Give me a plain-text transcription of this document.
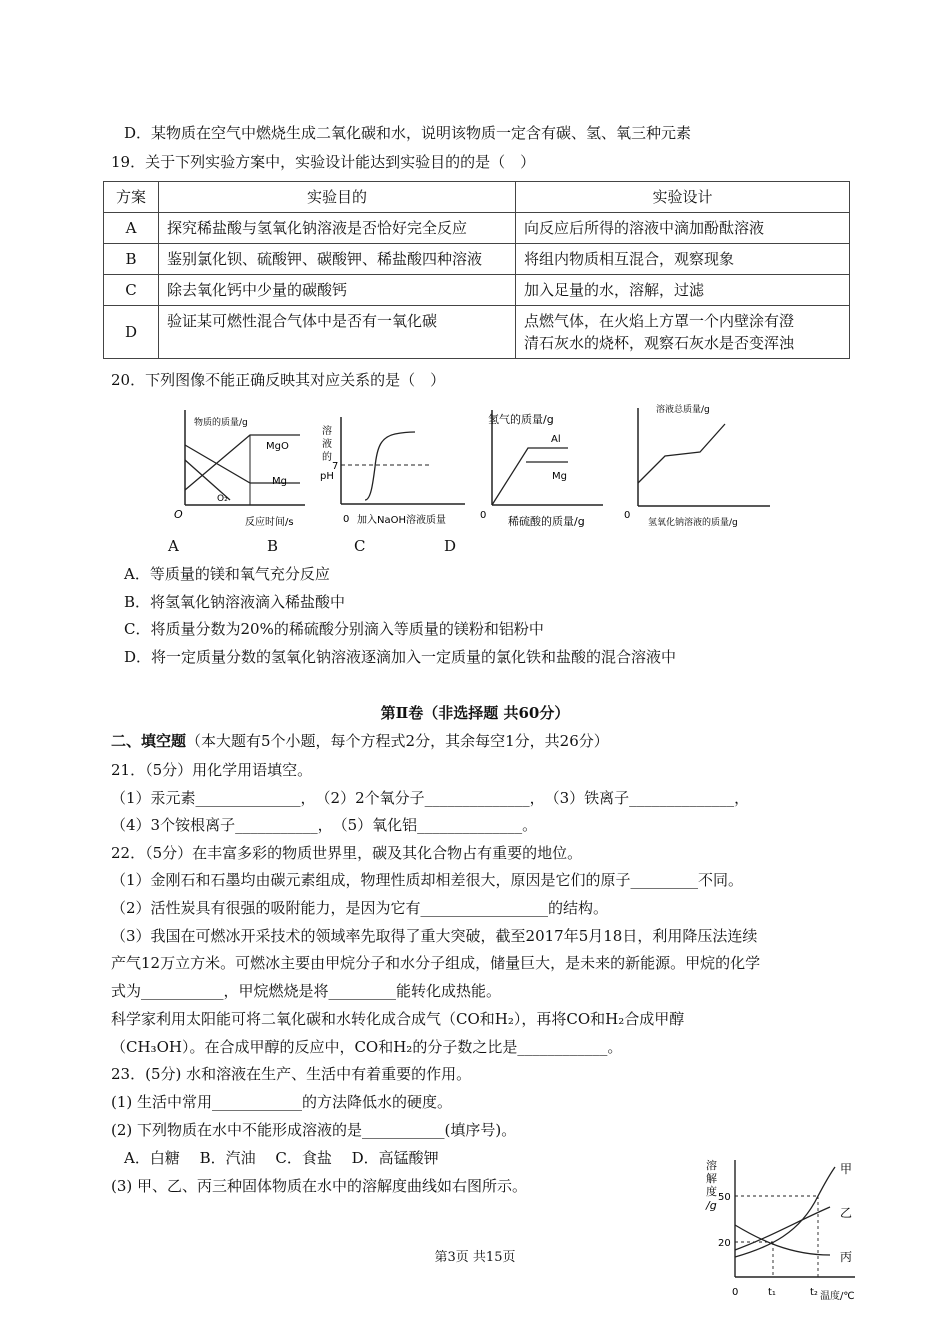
D．某物质在空气中燃烧生成二氧化碳和水，说明该物质一定含有碳、氢、氧三种元素
19．关于下列实验方案中，实验设计能达到实验目的的是（　）
方案	实验目的	实验设计
A	探究稀盐酸与氢氧化钠溶液是否恰好完全反应	向反应后所得的溶液中滴加酚酞溶液
B	鉴别氯化钡、硫酸钾、碳酸钾、稀盐酸四种溶液	将组内物质相互混合，观察现象
C	除去氧化钙中少量的碳酸钙	加入足量的水，溶解，过滤
D	验证某可燃性混合气体中是否有一氧化碳	点燃气体，在火焰上方罩一个内壁涂有澄
清石灰水的烧杯，观察石灰水是否变浑浊
20．下列图像不能正确反映其对应关系的是（　）
物质的质量/g
O
反应时间/s
MgO
Mg
O₂
溶
液
的
pH
7
0 加入NaOH溶液质量
氢气的质量/g
Al
Mg
0 稀硫酸的质量/g
溶液总质量/g
0
氢氧化钠溶液的质量/g
A	B	C	D
A．等质量的镁和氧气充分反应
B．将氢氧化钠溶液滴入稀盐酸中
C．将质量分数为20%的稀硫酸分别滴入等质量的镁粉和铝粉中
D．将一定质量分数的氢氧化钠溶液逐滴加入一定质量的氯化铁和盐酸的混合溶液中
第Ⅱ卷（非选择题 共60分）
二、填空题（本大题有5个小题，每个方程式2分，其余每空1分，共26分）
21．（5分）用化学用语填空。
（1）汞元素______________，　（2）2个氧分子______________，　（3）铁离子______________，
（4）3个铵根离子___________，　（5）氧化铝______________。
22．（5分）在丰富多彩的物质世界里，碳及其化合物占有重要的地位。
（1）金刚石和石墨均由碳元素组成，物理性质却相差很大，原因是它们的原子_________不同。
（2）活性炭具有很强的吸附能力，是因为它有_________________的结构。
（3）我国在可燃冰开采技术的领域率先取得了重大突破，截至2017年5月18日，利用降压法连续
产气12万立方米。可燃冰主要由甲烷分子和水分子组成，储量巨大，是未来的新能源。甲烷的化学
式为___________，甲烷燃烧是将_________能转化成热能。
科学家利用太阳能可将二氧化碳和水转化成合成气（CO和H₂），再将CO和H₂合成甲醇
（CH₃OH）。在合成甲醇的反应中，CO和H₂的分子数之比是____________。
23．(5分) 水和溶液在生产、生活中有着重要的作用。
(1) 生活中常用____________的方法降低水的硬度。
(2) 下列物质在水中不能形成溶液的是___________(填序号)。
A．白糖　 B．汽油　 C．食盐　 D．高锰酸钾
(3) 甲、乙、丙三种固体物质在水中的溶解度曲线如右图所示。
溶
解
度
/g
50
20
甲
乙
丙
0	t₁	t₂ 温度/℃
第3页 共15页
